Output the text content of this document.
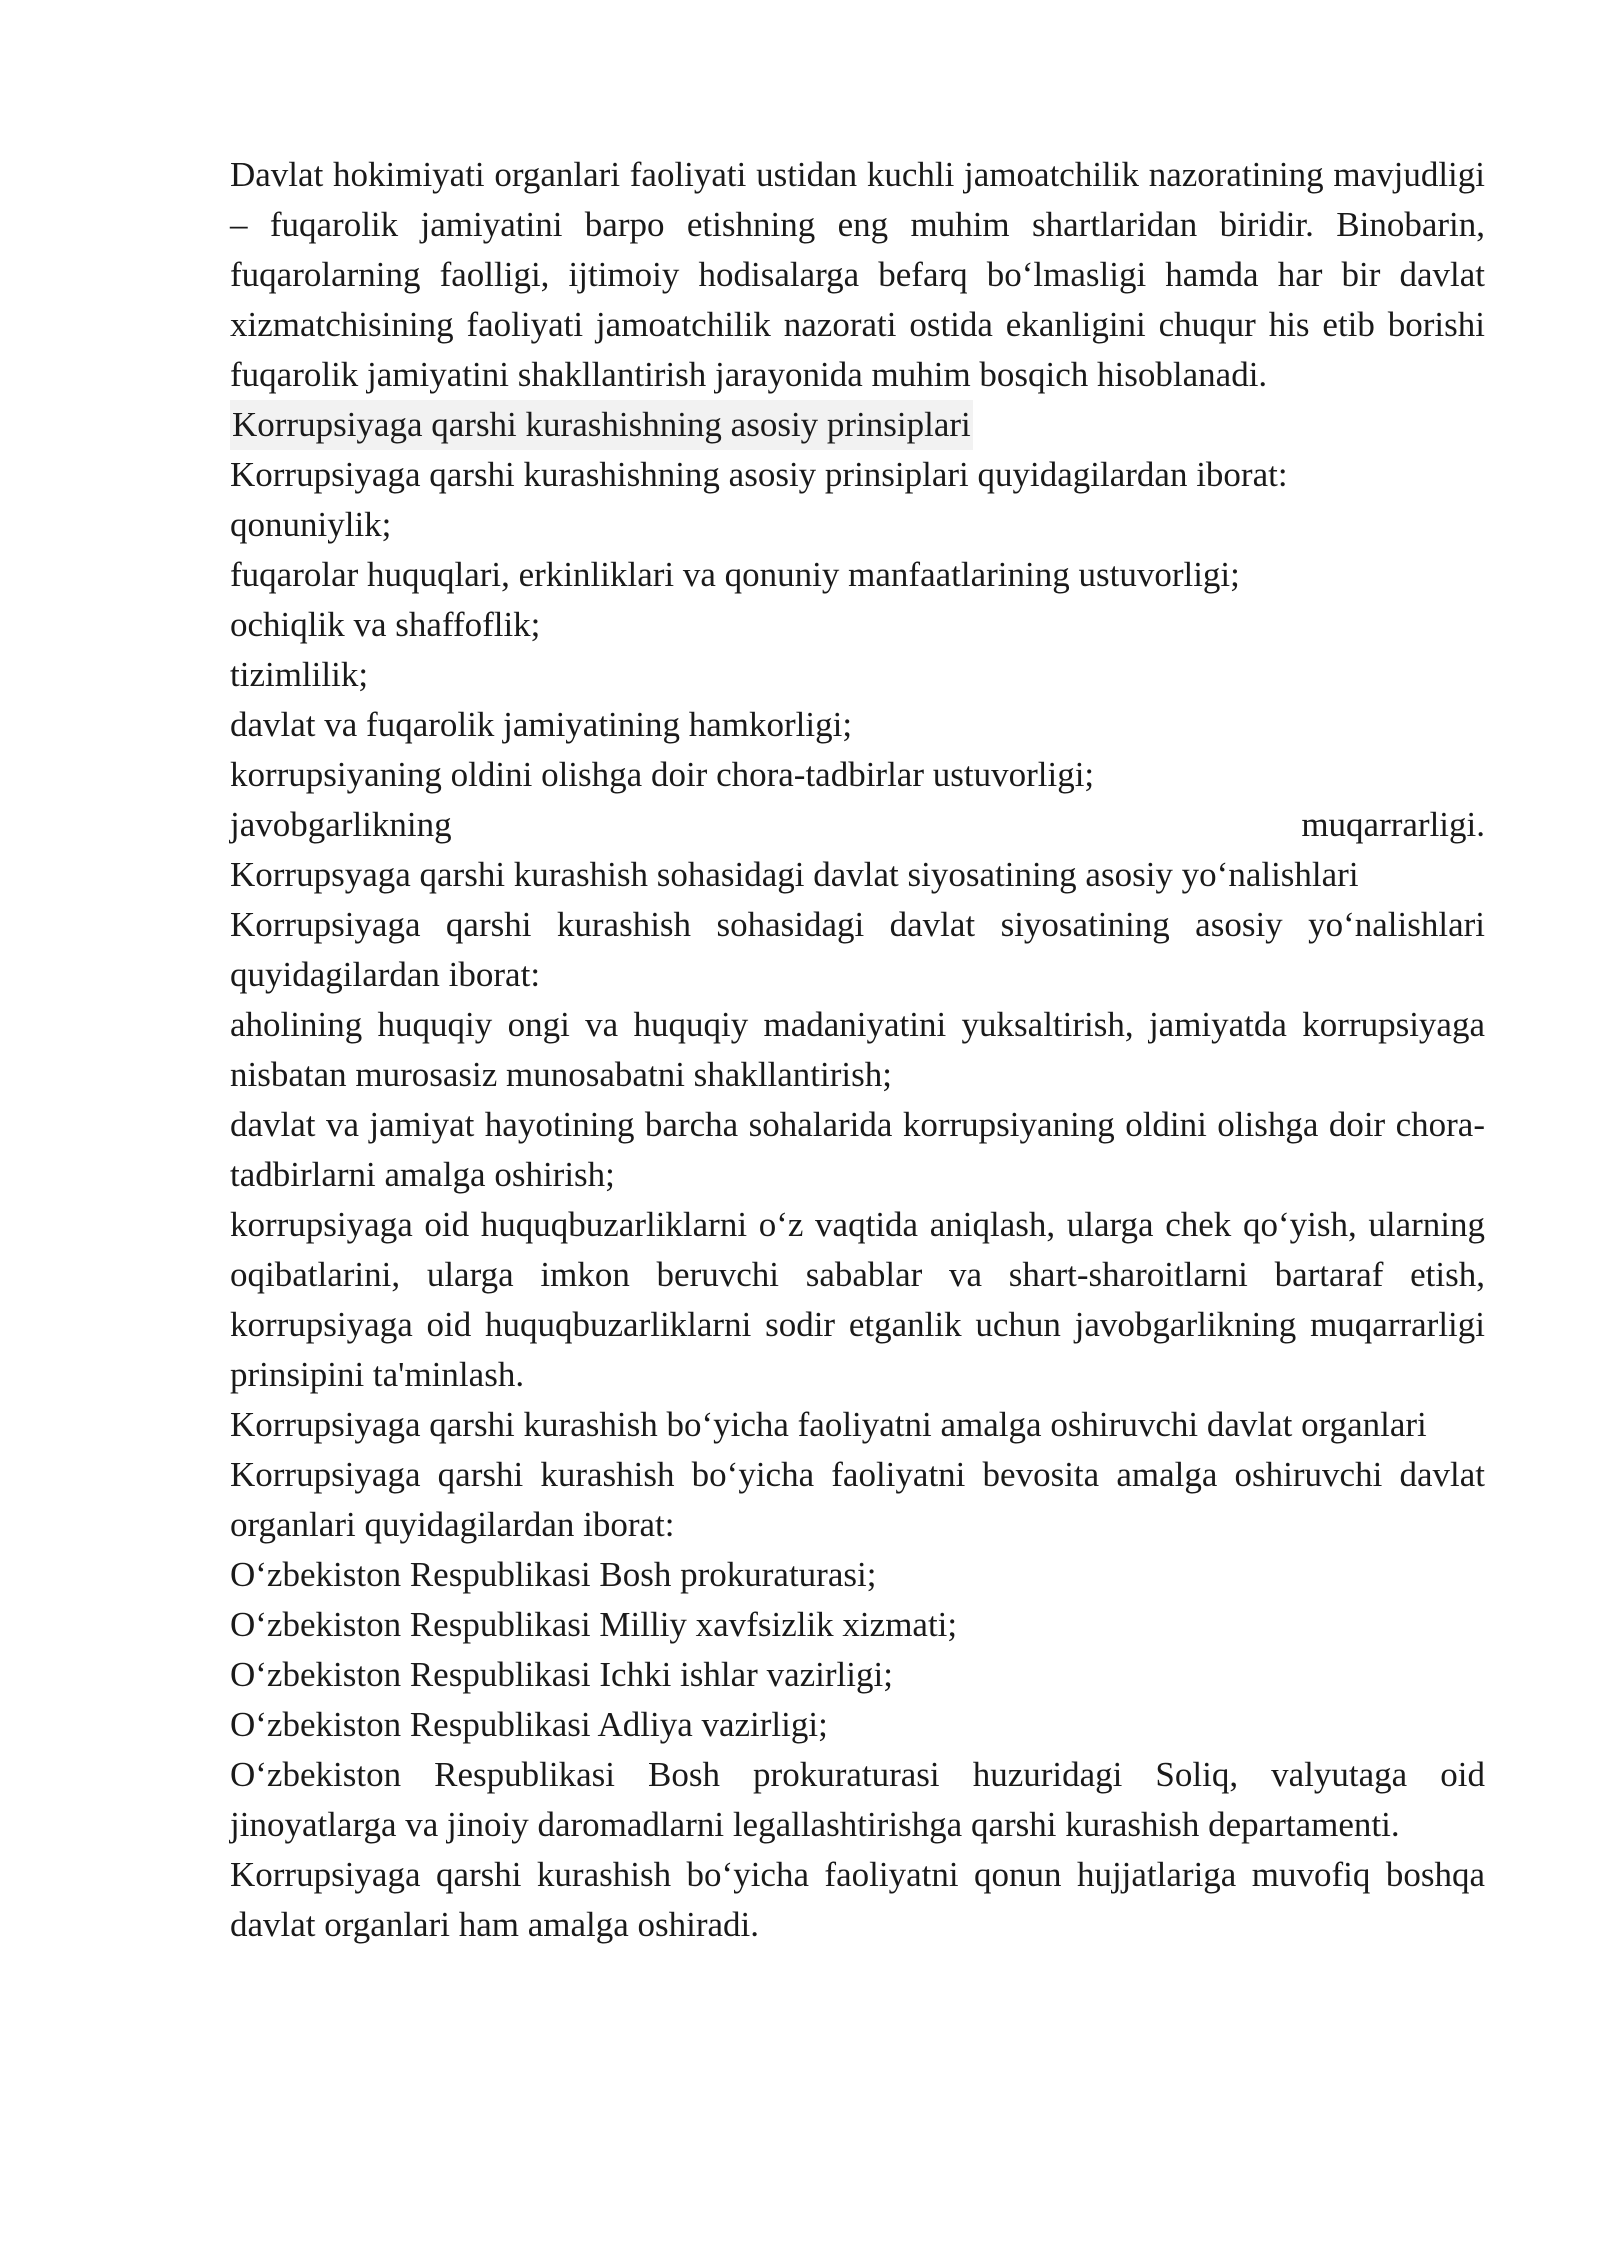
Davlat hokimiyati organlari faoliyati ustidan kuchli jamoatchilik nazoratining mavjudligi – fuqarolik jamiyatini barpo etishning eng muhim shartlaridan biridir. Binobarin, fuqarolarning faolligi, ijtimoiy hodisalarga befarq boʻlmasligi hamda har bir davlat xizmatchisining faoliyati jamoatchilik nazorati ostida ekanligini chuqur his etib borishi fuqarolik jamiyatini shakllantirish jarayonida muhim bosqich hisoblanadi.

Korrupsiyaga qarshi kurashishning asosiy prinsiplari

Korrupsiyaga qarshi kurashishning asosiy prinsiplari quyidagilardan iborat:

qonuniylik;

fuqarolar huquqlari, erkinliklari va qonuniy manfaatlarining ustuvorligi;

ochiqlik va shaffoflik;

tizimlilik;

davlat va fuqarolik jamiyatining hamkorligi;

korrupsiyaning oldini olishga doir chora-tadbirlar ustuvorligi;

javobgarlikning	muqarrarligi.

Korrupsyaga qarshi kurashish sohasidagi davlat siyosatining asosiy yoʻnalishlari

Korrupsiyaga qarshi kurashish sohasidagi davlat siyosatining asosiy yoʻnalishlari quyidagilardan iborat:

aholining huquqiy ongi va huquqiy madaniyatini yuksaltirish, jamiyatda korrupsiyaga nisbatan murosasiz munosabatni shakllantirish;

davlat va jamiyat hayotining barcha sohalarida korrupsiyaning oldini olishga doir chora-tadbirlarni amalga oshirish;

korrupsiyaga oid huquqbuzarliklarni oʻz vaqtida aniqlash, ularga chek qoʻyish, ularning oqibatlarini, ularga imkon beruvchi sabablar va shart-sharoitlarni bartaraf etish, korrupsiyaga oid huquqbuzarliklarni sodir etganlik uchun javobgarlikning muqarrarligi prinsipini ta'minlash.

Korrupsiyaga qarshi kurashish boʻyicha faoliyatni amalga oshiruvchi davlat organlari

Korrupsiyaga qarshi kurashish boʻyicha faoliyatni bevosita amalga oshiruvchi davlat organlari quyidagilardan iborat:

Oʻzbekiston Respublikasi Bosh prokuraturasi;

Oʻzbekiston Respublikasi Milliy xavfsizlik xizmati;

Oʻzbekiston Respublikasi Ichki ishlar vazirligi;

Oʻzbekiston Respublikasi Adliya vazirligi;

Oʻzbekiston Respublikasi Bosh prokuraturasi huzuridagi Soliq, valyutaga oid jinoyatlarga va jinoiy daromadlarni legallashtirishga qarshi kurashish departamenti.

Korrupsiyaga qarshi kurashish boʻyicha faoliyatni qonun hujjatlariga muvofiq boshqa davlat organlari ham amalga oshiradi.
